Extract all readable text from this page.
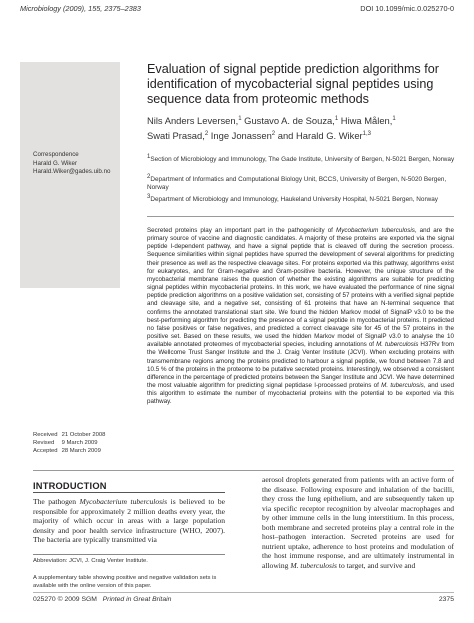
Microbiology (2009), 155, 2375–2383	DOI 10.1099/mic.0.025270-0
Evaluation of signal peptide prediction algorithms for identification of mycobacterial signal peptides using sequence data from proteomic methods
Nils Anders Leversen,$^1$ Gustavo A. de Souza,$^1$ Hiwa Målen,$^1$
Swati Prasad,$^2$ Inge Jonassen$^2$ and Harald G. Wiker$^{1,3}$
Correspondence
Harald G. Wiker
Harald.Wiker@gades.uib.no
$^1$Section of Microbiology and Immunology, The Gade Institute, University of Bergen, N-5021 Bergen, Norway
$^2$Department of Informatics and Computational Biology Unit, BCCS, University of Bergen, N-5020 Bergen, Norway
$^3$Department of Microbiology and Immunology, Haukeland University Hospital, N-5021 Bergen, Norway
Secreted proteins play an important part in the pathogenicity of Mycobacterium tuberculosis, and are the primary source of vaccine and diagnostic candidates. A majority of these proteins are exported via the signal peptide I-dependent pathway, and have a signal peptide that is cleaved off during the secretion process. Sequence similarities within signal peptides have spurred the development of several algorithms for predicting their presence as well as the respective cleavage sites. For proteins exported via this pathway, algorithms exist for eukaryotes, and for Gram-negative and Gram-positive bacteria. However, the unique structure of the mycobacterial membrane raises the question of whether the existing algorithms are suitable for predicting signal peptides within mycobacterial proteins. In this work, we have evaluated the performance of nine signal peptide prediction algorithms on a positive validation set, consisting of 57 proteins with a verified signal peptide and cleavage site, and a negative set, consisting of 61 proteins that have an N-terminal sequence that confirms the annotated translational start site. We found the hidden Markov model of SignalP v3.0 to be the best-performing algorithm for predicting the presence of a signal peptide in mycobacterial proteins. It predicted no false positives or false negatives, and predicted a correct cleavage site for 45 of the 57 proteins in the positive set. Based on these results, we used the hidden Markov model of SignalP v3.0 to analyse the 10 available annotated proteomes of mycobacterial species, including annotations of M. tuberculosis H37Rv from the Wellcome Trust Sanger Institute and the J. Craig Venter Institute (JCVI). When excluding proteins with transmembrane regions among the proteins predicted to harbour a signal peptide, we found between 7.8 and 10.5 % of the proteins in the proteome to be putative secreted proteins. Interestingly, we observed a consistent difference in the percentage of predicted proteins between the Sanger Institute and JCVI. We have determined the most valuable algorithm for predicting signal peptidase I-processed proteins of M. tuberculosis, and used this algorithm to estimate the number of mycobacterial proteins with the potential to be exported via this pathway.
Received	21 October 2008
Revised	9 March 2009
Accepted	28 March 2009
INTRODUCTION
The pathogen Mycobacterium tuberculosis is believed to be responsible for approximately 2 million deaths every year, the majority of which occur in areas with a large population density and poor health service infrastructure (WHO, 2007). The bacteria are typically transmitted via
aerosol droplets generated from patients with an active form of the disease. Following exposure and inhalation of the bacilli, they cross the lung epithelium, and are subsequently taken up via specific receptor recognition by alveolar macrophages and by other immune cells in the lung interstitium. In this process, both membrane and secreted proteins play a central role in the host–pathogen interaction. Secreted proteins are used for nutrient uptake, adherence to host proteins and modulation of the host immune response, and are ultimately instrumental in allowing M. tuberculosis to target, and survive and
Abbreviation: JCVI, J. Craig Venter Institute.
A supplementary table showing positive and negative validation sets is available with the online version of this paper.
025270 © 2009 SGM Printed in Great Britain	2375
